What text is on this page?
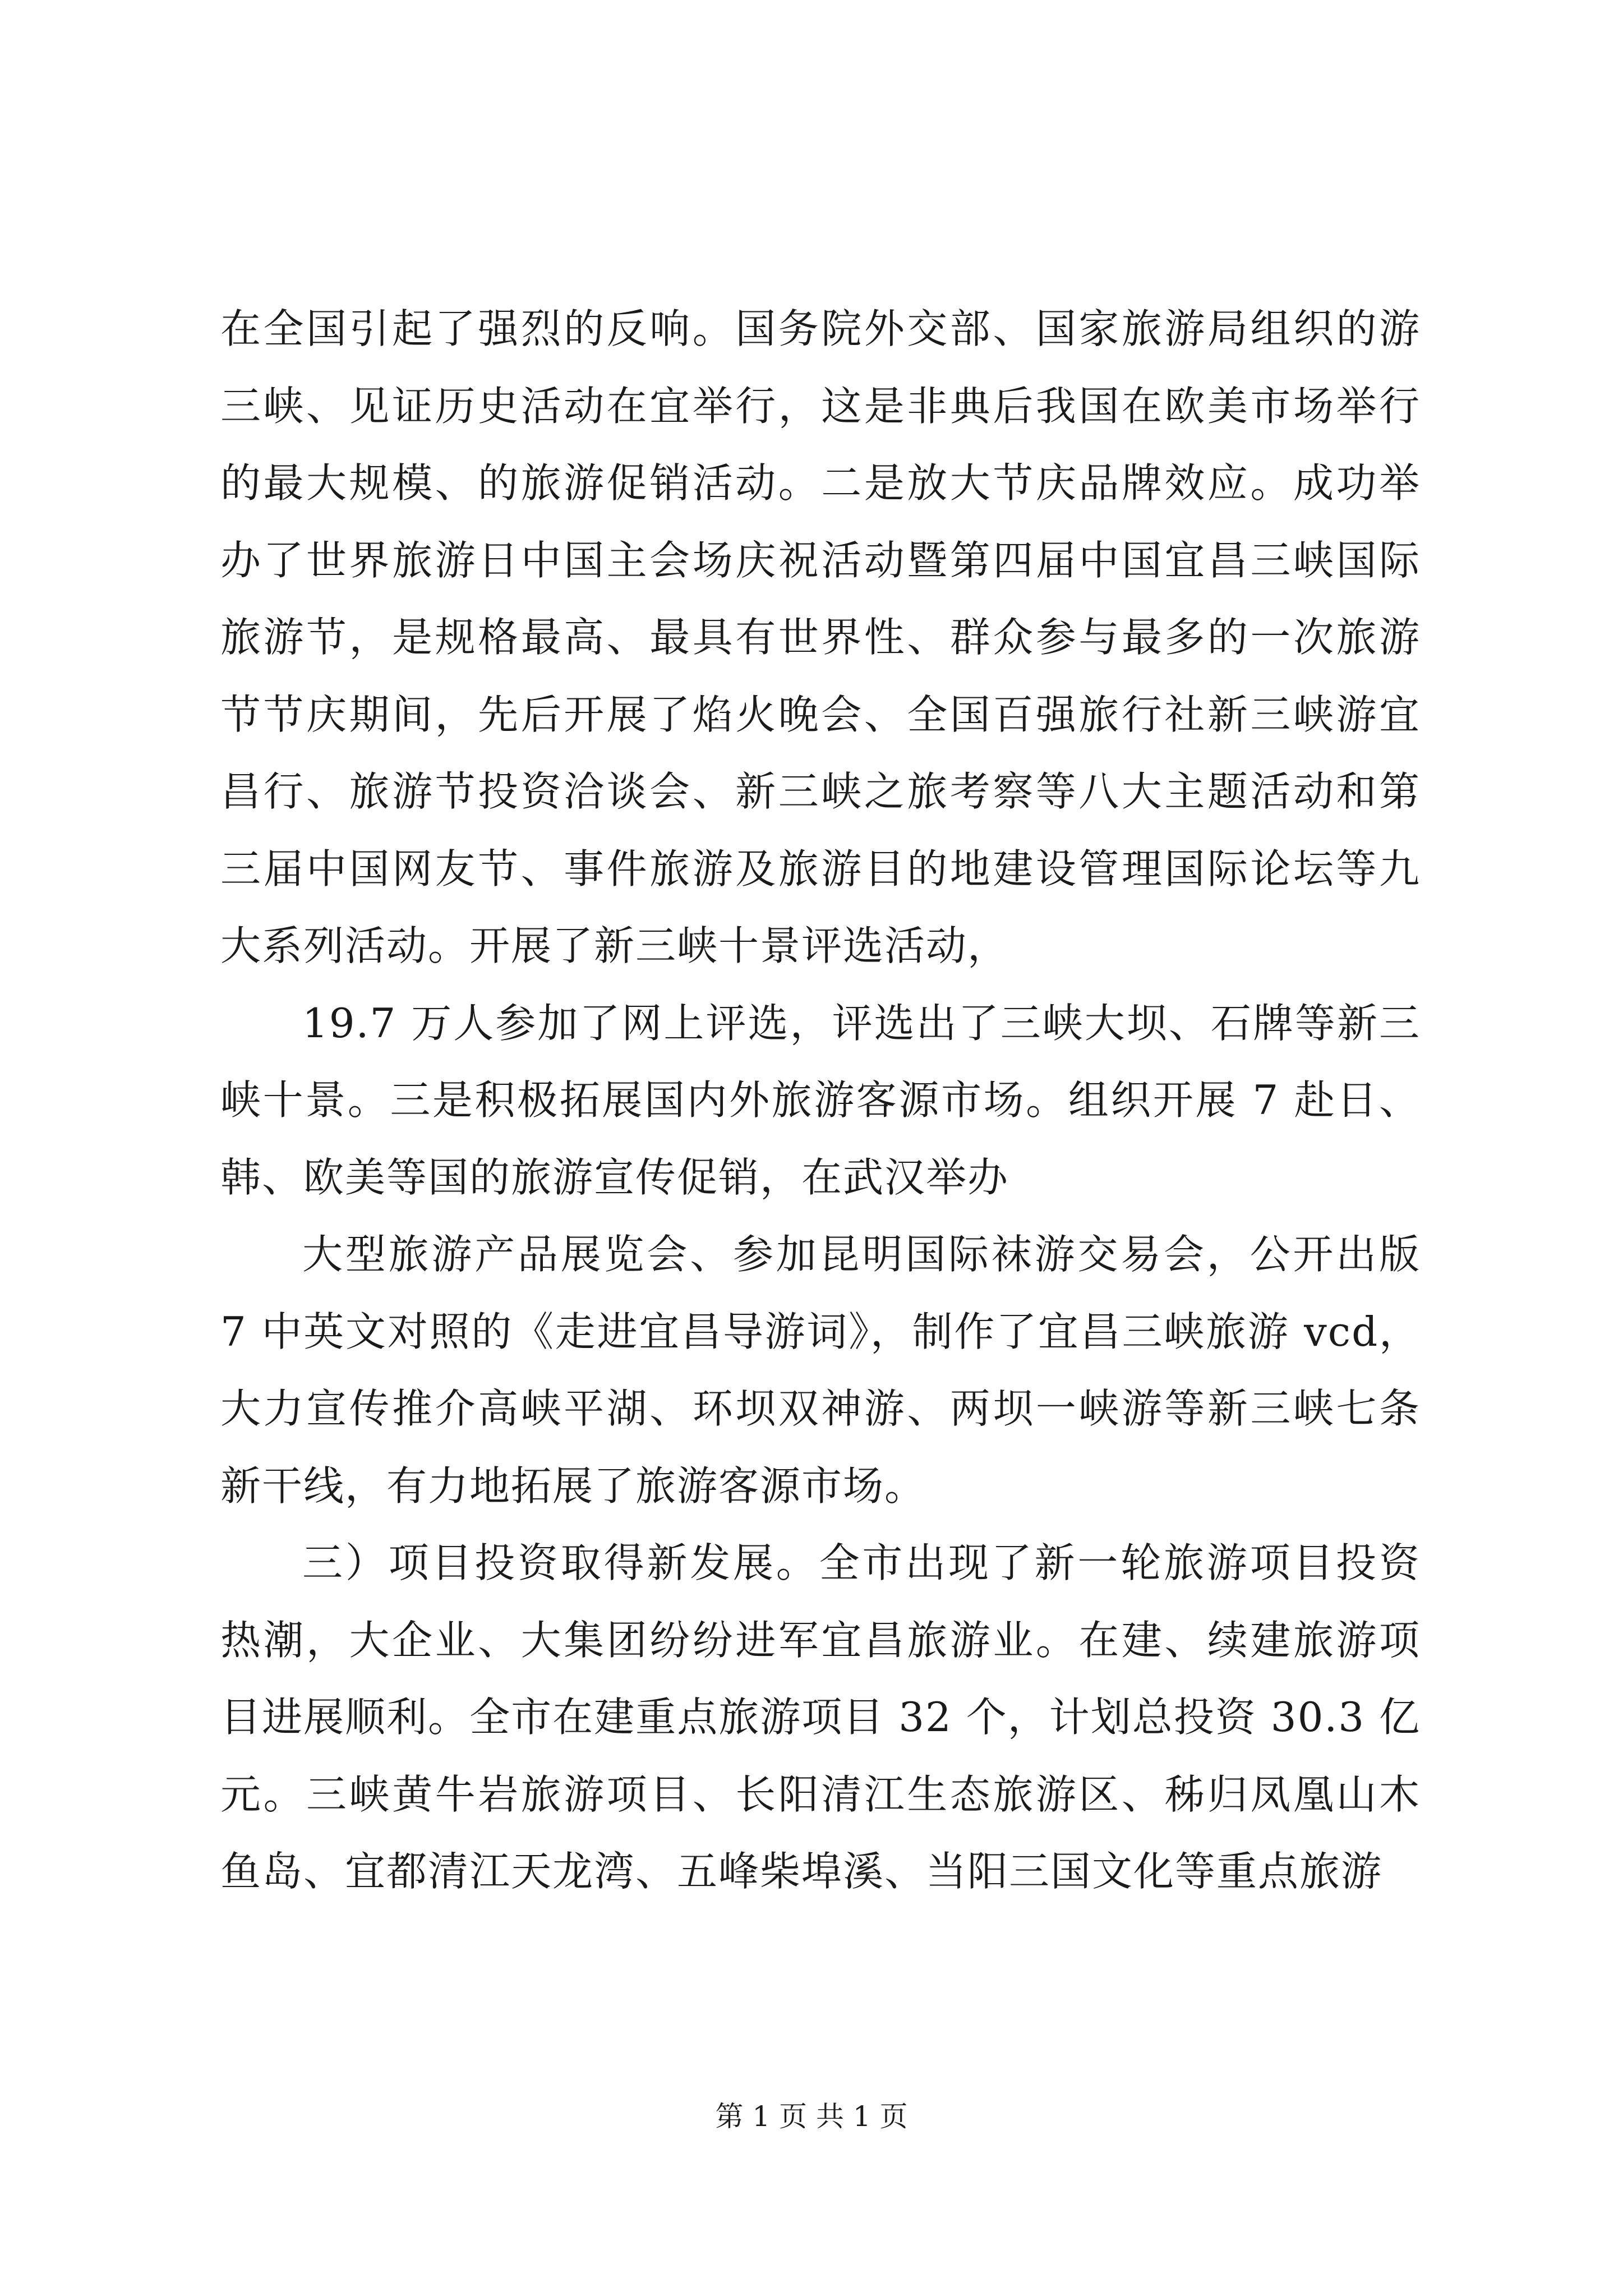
在全国引起了强烈的反响。国务院外交部、国家旅游局组织的游三峡、见证历史活动在宜举行，这是非典后我国在欧美市场举行的最大规模、的旅游促销活动。二是放大节庆品牌效应。成功举办了世界旅游日中国主会场庆祝活动暨第四届中国宜昌三峡国际旅游节，是规格最高、最具有世界性、群众参与最多的一次旅游节节庆期间，先后开展了焰火晚会、全国百强旅行社新三峡游宜昌行、旅游节投资洽谈会、新三峡之旅考察等八大主题活动和第三届中国网友节、事件旅游及旅游目的地建设管理国际论坛等九大系列活动。开展了新三峡十景评选活动，

19.7 万人参加了网上评选，评选出了三峡大坝、石牌等新三峡十景。三是积极拓展国内外旅游客源市场。组织开展 7 赴日、韩、欧美等国的旅游宣传促销，在武汉举办

大型旅游产品展览会、参加昆明国际袜游交易会，公开出版 7 中英文对照的《走进宜昌导游词》，制作了宜昌三峡旅游 vcd，大力宣传推介高峡平湖、环坝双神游、两坝一峡游等新三峡七条新干线，有力地拓展了旅游客源市场。

三）项目投资取得新发展。全市出现了新一轮旅游项目投资热潮，大企业、大集团纷纷进军宜昌旅游业。在建、续建旅游项目进展顺利。全市在建重点旅游项目 32 个，计划总投资 30.3 亿元。三峡黄牛岩旅游项目、长阳清江生态旅游区、秭归凤凰山木鱼岛、宜都清江天龙湾、五峰柴埠溪、当阳三国文化等重点旅游

第 1 页 共 1 页
